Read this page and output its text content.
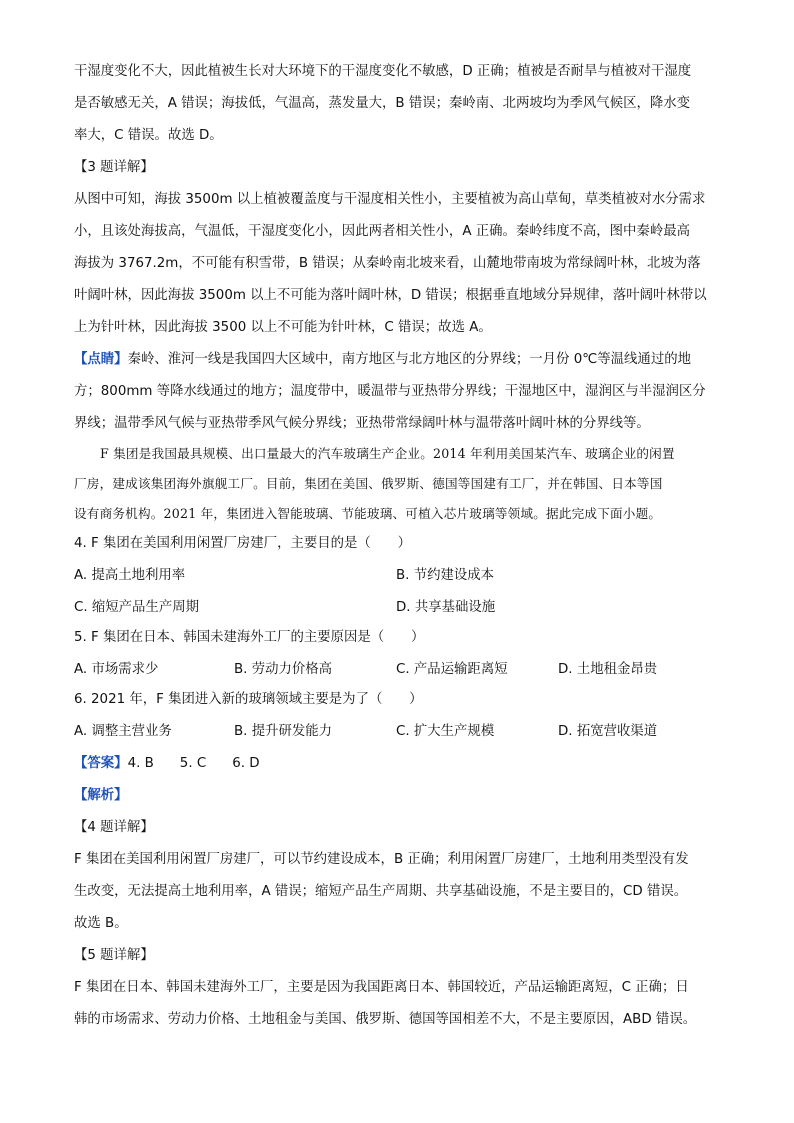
干湿度变化不大，因此植被生长对大环境下的干湿度变化不敏感，D 正确；植被是否耐旱与植被对干湿度
是否敏感无关，A 错误；海拔低，气温高，蒸发量大，B 错误；秦岭南、北两坡均为季风气候区，降水变
率大，C 错误。故选 D。
【3 题详解】
从图中可知，海拔 3500m 以上植被覆盖度与干湿度相关性小，主要植被为高山草甸，草类植被对水分需求
小，且该处海拔高，气温低，干湿度变化小，因此两者相关性小，A 正确。秦岭纬度不高，图中秦岭最高
海拔为 3767.2m，不可能有积雪带，B 错误；从秦岭南北坡来看，山麓地带南坡为常绿阔叶林，北坡为落
叶阔叶林，因此海拔 3500m 以上不可能为落叶阔叶林，D 错误；根据垂直地域分异规律，落叶阔叶林带以
上为针叶林，因此海拔 3500 以上不可能为针叶林，C 错误；故选 A。
【点睛】秦岭、淮河一线是我国四大区域中，南方地区与北方地区的分界线；一月份 0℃等温线通过的地
方；800mm 等降水线通过的地方；温度带中，暖温带与亚热带分界线；干湿地区中，湿润区与半湿润区分
界线；温带季风气候与亚热带季风气候分界线；亚热带常绿阔叶林与温带落叶阔叶林的分界线等。
F 集团是我国最具规模、出口量最大的汽车玻璃生产企业。2014 年利用美国某汽车、玻璃企业的闲置
厂房，建成该集团海外旗舰工厂。目前，集团在美国、俄罗斯、德国等国建有工厂，并在韩国、日本等国
设有商务机构。2021 年，集团进入智能玻璃、节能玻璃、可植入芯片玻璃等领域。据此完成下面小题。
4. F 集团在美国利用闲置厂房建厂，主要目的是（　　）
A. 提高土地利用率	B. 节约建设成本
C. 缩短产品生产周期	D. 共享基础设施
5. F 集团在日本、韩国未建海外工厂的主要原因是（　　）
A. 市场需求少	B. 劳动力价格高	C. 产品运输距离短	D. 土地租金昂贵
6. 2021 年，F 集团进入新的玻璃领域主要是为了（　　）
A. 调整主营业务	B. 提升研发能力	C. 扩大生产规模	D. 拓宽营收渠道
【答案】4. B 5. C 6. D
【解析】
【4 题详解】
F 集团在美国利用闲置厂房建厂，可以节约建设成本，B 正确；利用闲置厂房建厂，土地利用类型没有发
生改变，无法提高土地利用率，A 错误；缩短产品生产周期、共享基础设施，不是主要目的，CD 错误。
故选 B。
【5 题详解】
F 集团在日本、韩国未建海外工厂，主要是因为我国距离日本、韩国较近，产品运输距离短，C 正确；日
韩的市场需求、劳动力价格、土地租金与美国、俄罗斯、德国等国相差不大，不是主要原因，ABD 错误。
